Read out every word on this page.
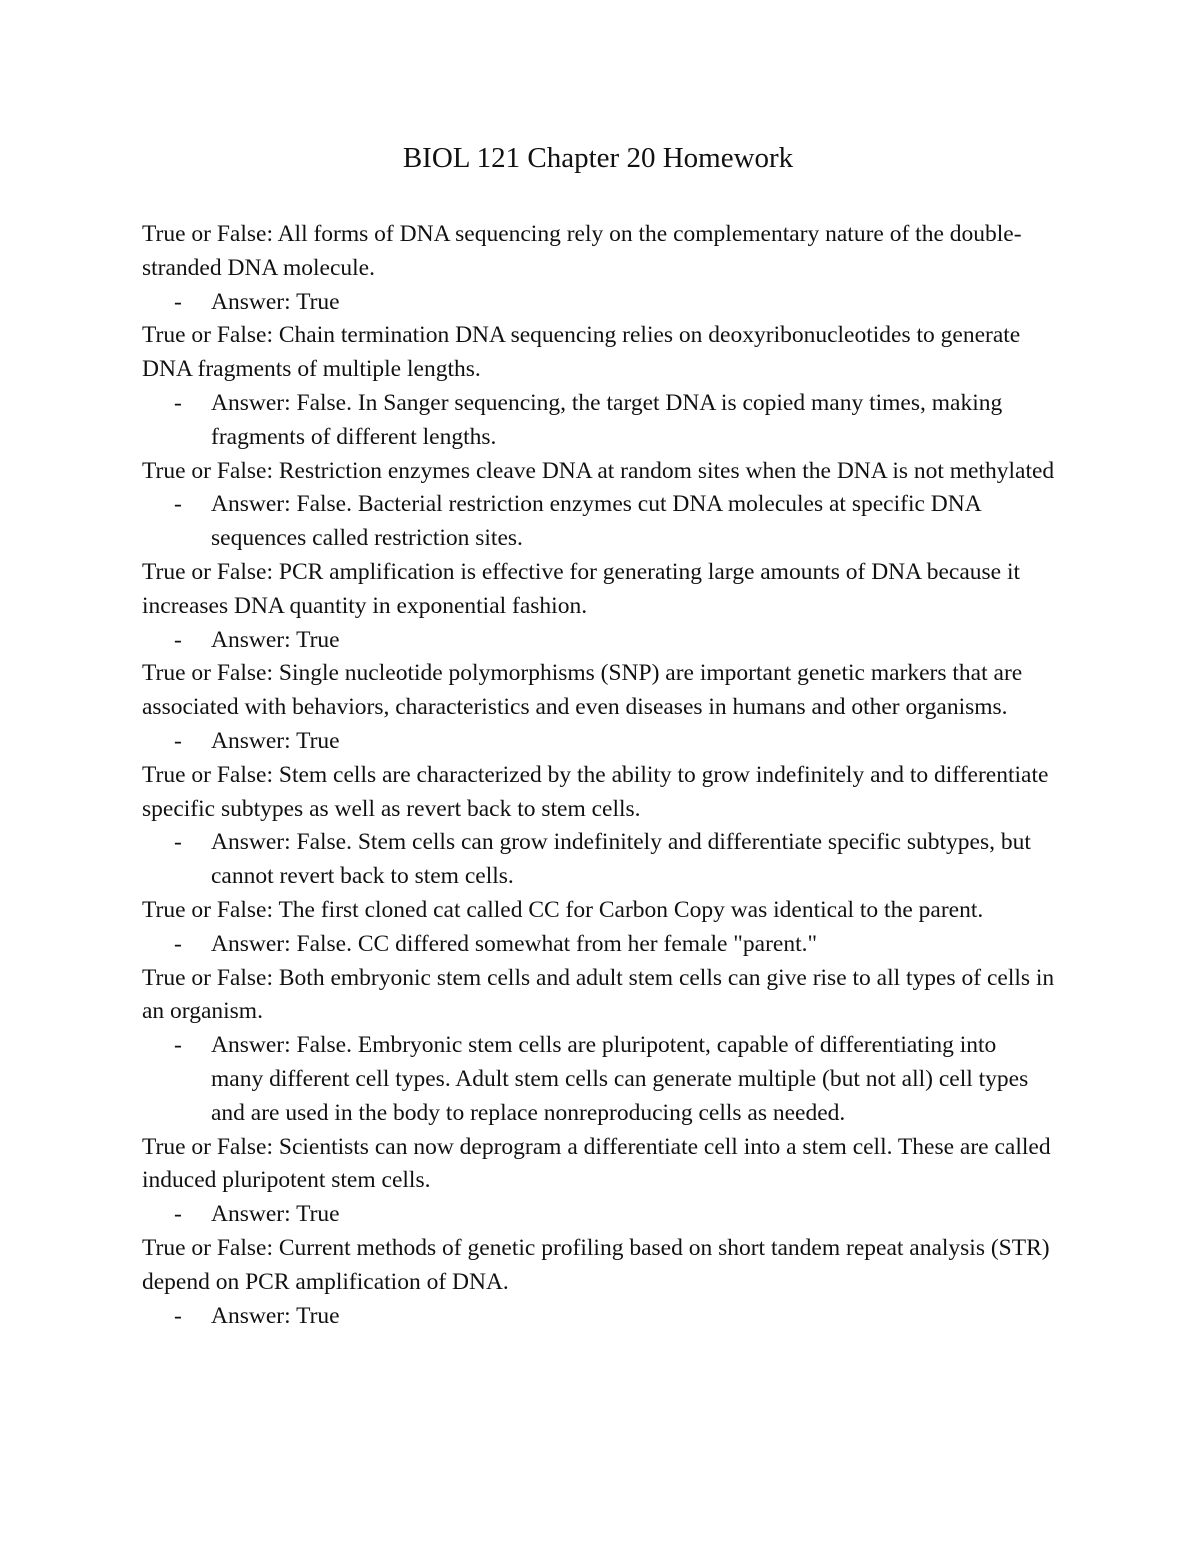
BIOL 121 Chapter 20 Homework

True or False: All forms of DNA sequencing rely on the complementary nature of the double- stranded DNA molecule.

-	Answer: True

True or False: Chain termination DNA sequencing relies on deoxyribonucleotides to generate DNA fragments of multiple lengths.

-	Answer: False. In Sanger sequencing, the target DNA is copied many times, making fragments of different lengths.

True or False: Restriction enzymes cleave DNA at random sites when the DNA is not methylated

-	Answer: False. Bacterial restriction enzymes cut DNA molecules at specific DNA sequences called restriction sites.

True or False: PCR amplification is effective for generating large amounts of DNA because it increases DNA quantity in exponential fashion.

-	Answer: True

True or False: Single nucleotide polymorphisms (SNP) are important genetic markers that are associated with behaviors, characteristics and even diseases in humans and other organisms.

-	Answer: True

True or False: Stem cells are characterized by the ability to grow indefinitely and to differentiate specific subtypes as well as revert back to stem cells.

-	Answer: False. Stem cells can grow indefinitely and differentiate specific subtypes, but cannot revert back to stem cells.

True or False: The first cloned cat called CC for Carbon Copy was identical to the parent.

-	Answer: False. CC differed somewhat from her female "parent."

True or False: Both embryonic stem cells and adult stem cells can give rise to all types of cells in an organism.

-	Answer: False. Embryonic stem cells are pluripotent, capable of differentiating into many different cell types. Adult stem cells can generate multiple (but not all) cell types and are used in the body to replace nonreproducing cells as needed.

True or False: Scientists can now deprogram a differentiate cell into a stem cell. These are called induced pluripotent stem cells.

-	Answer: True

True or False: Current methods of genetic profiling based on short tandem repeat analysis (STR) depend on PCR amplification of DNA.

-	Answer: True
